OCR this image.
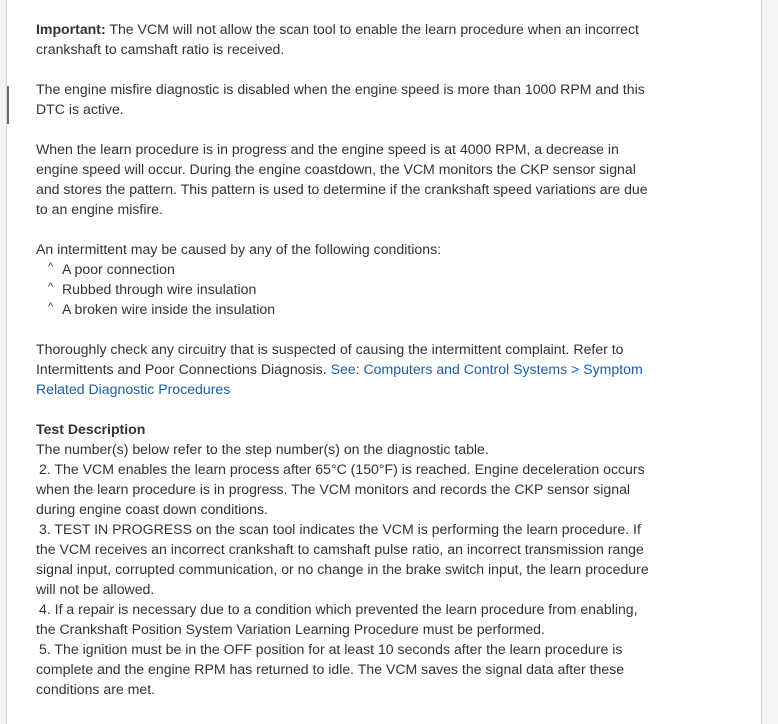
Important: The VCM will not allow the scan tool to enable the learn procedure when an incorrect crankshaft to camshaft ratio is received.

The engine misfire diagnostic is disabled when the engine speed is more than 1000 RPM and this DTC is active.

When the learn procedure is in progress and the engine speed is at 4000 RPM, a decrease in engine speed will occur. During the engine coastdown, the VCM monitors the CKP sensor signal and stores the pattern. This pattern is used to determine if the crankshaft speed variations are due to an engine misfire.

An intermittent may be caused by any of the following conditions:

^ A poor connection
^ Rubbed through wire insulation
^ A broken wire inside the insulation

Thoroughly check any circuitry that is suspected of causing the intermittent complaint. Refer to Intermittents and Poor Connections Diagnosis. See: Computers and Control Systems > Symptom Related Diagnostic Procedures

Test Description

The number(s) below refer to the step number(s) on the diagnostic table.

2. The VCM enables the learn process after 65°C (150°F) is reached. Engine deceleration occurs when the learn procedure is in progress. The VCM monitors and records the CKP sensor signal during engine coast down conditions.

3. TEST IN PROGRESS on the scan tool indicates the VCM is performing the learn procedure. If the VCM receives an incorrect crankshaft to camshaft pulse ratio, an incorrect transmission range signal input, corrupted communication, or no change in the brake switch input, the learn procedure will not be allowed.

4. If a repair is necessary due to a condition which prevented the learn procedure from enabling, the Crankshaft Position System Variation Learning Procedure must be performed.

5. The ignition must be in the OFF position for at least 10 seconds after the learn procedure is complete and the engine RPM has returned to idle. The VCM saves the signal data after these conditions are met.
